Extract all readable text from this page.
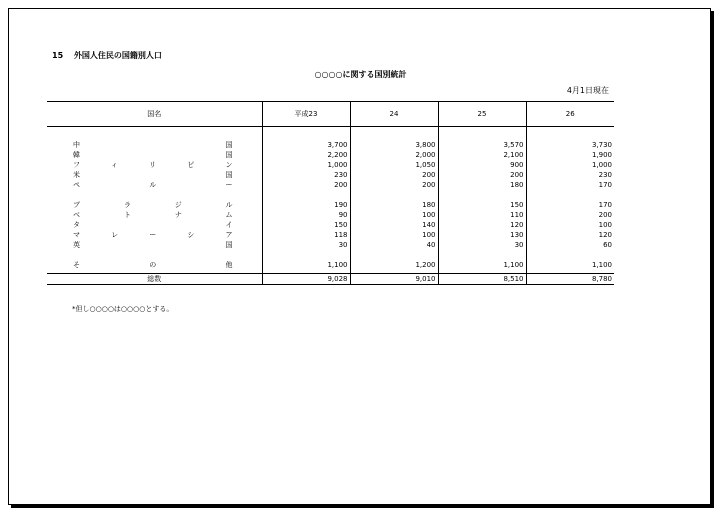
15 外国人住民の国籍別人口
○○○○に関する国別統計
4月1日現在
国名	平成23	24	25	26

中国	3,700	3,800	3,570	3,730
韓国	2,200	2,000	2,100	1,900
フィリピン	1,000	1,050	900	1,000
米国	230	200	200	230
ペルー	200	200	180	170

ブラジル	190	180	150	170
ベトナム	90	100	110	200
タイ	150	140	120	100
マレーシア	118	100	130	120
英国	30	40	30	60

その他	1,100	1,200	1,100	1,100

総数	9,028	9,010	8,510	8,780
*但し○○○○は○○○○とする。
